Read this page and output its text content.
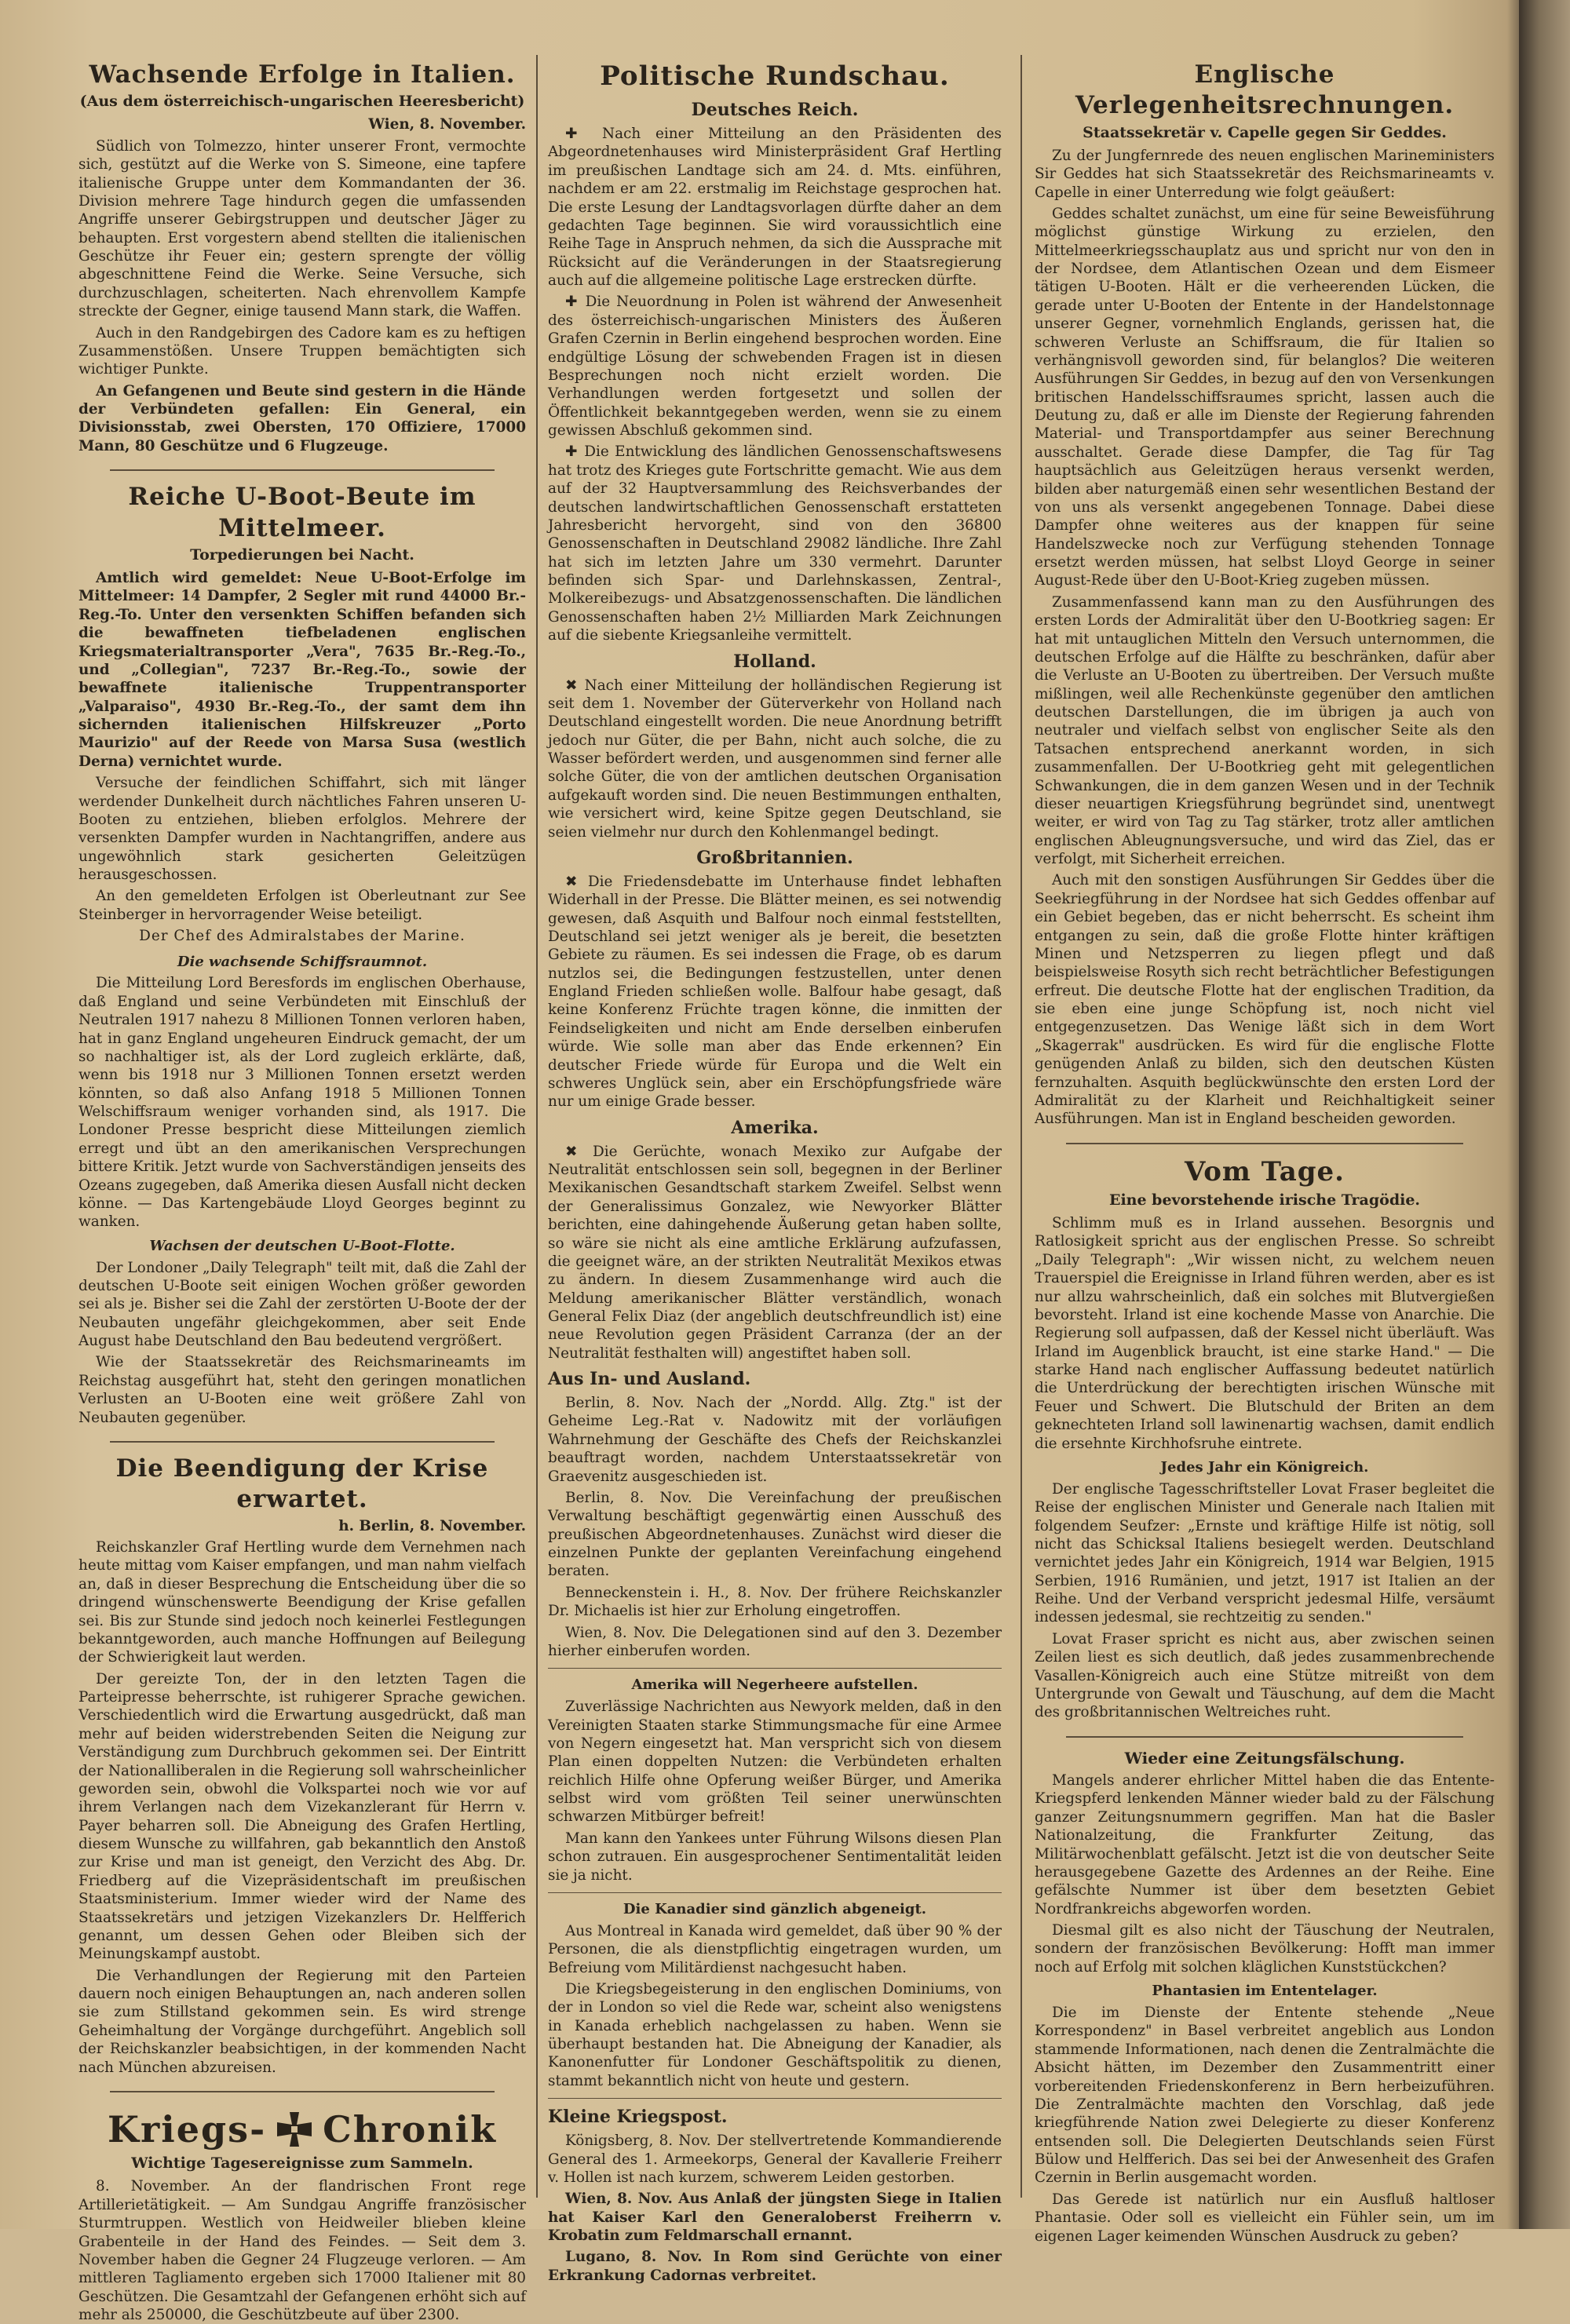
Wachsende Erfolge in Italien.
(Aus dem österreichisch-ungarischen Heeresbericht)

Wien, 8. November.

Südlich von Tolmezzo, hinter unserer Front, vermochte sich, gestützt auf die Werke von S. Simeone, eine tapfere italienische Gruppe unter dem Kommandanten der 36. Division mehrere Tage hindurch gegen die umfassenden Angriffe unserer Gebirgstruppen und deutscher Jäger zu behaupten. Erst vorgestern abend stellten die italienischen Geschütze ihr Feuer ein; gestern sprengte der völlig abgeschnittene Feind die Werke. Seine Versuche, sich durchzuschlagen, scheiterten. Nach ehrenvollem Kampfe streckte der Gegner, einige tausend Mann stark, die Waffen.

Auch in den Randgebirgen des Cadore kam es zu heftigen Zusammenstößen. Unsere Truppen bemächtigten sich wichtiger Punkte.

An Gefangenen und Beute sind gestern in die Hände der Verbündeten gefallen: Ein General, ein Divisionsstab, zwei Obersten, 170 Offiziere, 17000 Mann, 80 Geschütze und 6 Flugzeuge.

Reiche U-Boot-Beute im Mittelmeer.
Torpedierungen bei Nacht.

Amtlich wird gemeldet: Neue U-Boot-Erfolge im Mittelmeer: 14 Dampfer, 2 Segler mit rund 44000 Br.-Reg.-To. Unter den versenkten Schiffen befanden sich die bewaffneten tiefbeladenen englischen Kriegsmaterialtransporter „Vera", 7635 Br.-Reg.-To., und „Collegian", 7237 Br.-Reg.-To., sowie der bewaffnete italienische Truppentransporter „Valparaiso", 4930 Br.-Reg.-To., der samt dem ihn sichernden italienischen Hilfskreuzer „Porto Maurizio" auf der Reede von Marsa Susa (westlich Derna) vernichtet wurde.

Versuche der feindlichen Schiffahrt, sich mit länger werdender Dunkelheit durch nächtliches Fahren unseren U-Booten zu entziehen, blieben erfolglos. Mehrere der versenkten Dampfer wurden in Nachtangriffen, andere aus ungewöhnlich stark gesicherten Geleitzügen herausgeschossen.

An den gemeldeten Erfolgen ist Oberleutnant zur See Steinberger in hervorragender Weise beteiligt.

Der Chef des Admiralstabes der Marine.

Die wachsende Schiffsraumnot.

Die Mitteilung Lord Beresfords im englischen Oberhause, daß England und seine Verbündeten mit Einschluß der Neutralen 1917 nahezu 8 Millionen Tonnen verloren haben, hat in ganz England ungeheuren Eindruck gemacht, der um so nachhaltiger ist, als der Lord zugleich erklärte, daß, wenn bis 1918 nur 3 Millionen Tonnen ersetzt werden könnten, so daß also Anfang 1918 5 Millionen Tonnen Welschiffsraum weniger vorhanden sind, als 1917. Die Londoner Presse bespricht diese Mitteilungen ziemlich erregt und übt an den amerikanischen Versprechungen bittere Kritik. Jetzt wurde von Sachverständigen jenseits des Ozeans zugegeben, daß Amerika diesen Ausfall nicht decken könne. — Das Kartengebäude Lloyd Georges beginnt zu wanken.

Wachsen der deutschen U-Boot-Flotte.

Der Londoner „Daily Telegraph" teilt mit, daß die Zahl der deutschen U-Boote seit einigen Wochen größer geworden sei als je. Bisher sei die Zahl der zerstörten U-Boote der der Neubauten ungefähr gleichgekommen, aber seit Ende August habe Deutschland den Bau bedeutend vergrößert.

Wie der Staatssekretär des Reichsmarineamts im Reichstag ausgeführt hat, steht den geringen monatlichen Verlusten an U-Booten eine weit größere Zahl von Neubauten gegenüber.

Die Beendigung der Krise erwartet.

h. Berlin, 8. November.

Reichskanzler Graf Hertling wurde dem Vernehmen nach heute mittag vom Kaiser empfangen, und man nahm vielfach an, daß in dieser Besprechung die Entscheidung über die so dringend wünschenswerte Beendigung der Krise gefallen sei. Bis zur Stunde sind jedoch noch keinerlei Festlegungen bekanntgeworden, auch manche Hoffnungen auf Beilegung der Schwierigkeit laut werden.

Der gereizte Ton, der in den letzten Tagen die Parteipresse beherrschte, ist ruhigerer Sprache gewichen. Verschiedentlich wird die Erwartung ausgedrückt, daß man mehr auf beiden widerstrebenden Seiten die Neigung zur Verständigung zum Durchbruch gekommen sei. Der Eintritt der Nationalliberalen in die Regierung soll wahrscheinlicher geworden sein, obwohl die Volkspartei noch wie vor auf ihrem Verlangen nach dem Vizekanzlerant für Herrn v. Payer beharren soll. Die Abneigung des Grafen Hertling, diesem Wunsche zu willfahren, gab bekanntlich den Anstoß zur Krise und man ist geneigt, den Verzicht des Abg. Dr. Friedberg auf die Vizepräsidentschaft im preußischen Staatsministerium. Immer wieder wird der Name des Staatssekretärs und jetzigen Vizekanzlers Dr. Helfferich genannt, um dessen Gehen oder Bleiben sich der Meinungskampf austobt.

Die Verhandlungen der Regierung mit den Parteien dauern noch einigen Behauptungen an, nach anderen sollen sie zum Stillstand gekommen sein. Es wird strenge Geheimhaltung der Vorgänge durchgeführt. Angeblich soll der Reichskanzler beabsichtigen, in der kommenden Nacht nach München abzureisen.

Kriegs- Chronik
Wichtige Tagesereignisse zum Sammeln.

8. November. An der flandrischen Front rege Artillerietätigkeit. — Am Sundgau Angriffe französischer Sturmtruppen. Westlich von Heidweiler blieben kleine Grabenteile in der Hand des Feindes. — Seit dem 3. November haben die Gegner 24 Flugzeuge verloren. — Am mittleren Tagliamento ergeben sich 17000 Italiener mit 80 Geschützen. Die Gesamtzahl der Gefangenen erhöht sich auf mehr als 250000, die Geschützbeute auf über 2300.

Politische Rundschau.
Deutsches Reich.

✚ Nach einer Mitteilung an den Präsidenten des Abgeordnetenhauses wird Ministerpräsident Graf Hertling im preußischen Landtage sich am 24. d. Mts. einführen, nachdem er am 22. erstmalig im Reichstage gesprochen hat. Die erste Lesung der Landtagsvorlagen dürfte daher an dem gedachten Tage beginnen. Sie wird voraussichtlich eine Reihe Tage in Anspruch nehmen, da sich die Aussprache mit Rücksicht auf die Veränderungen in der Staatsregierung auch auf die allgemeine politische Lage erstrecken dürfte.

✚ Die Neuordnung in Polen ist während der Anwesenheit des österreichisch-ungarischen Ministers des Äußeren Grafen Czernin in Berlin eingehend besprochen worden. Eine endgültige Lösung der schwebenden Fragen ist in diesen Besprechungen noch nicht erzielt worden. Die Verhandlungen werden fortgesetzt und sollen der Öffentlichkeit bekanntgegeben werden, wenn sie zu einem gewissen Abschluß gekommen sind.

✚ Die Entwicklung des ländlichen Genossenschaftswesens hat trotz des Krieges gute Fortschritte gemacht. Wie aus dem auf der 32 Hauptversammlung des Reichsverbandes der deutschen landwirtschaftlichen Genossenschaft erstatteten Jahresbericht hervorgeht, sind von den 36800 Genossenschaften in Deutschland 29082 ländliche. Ihre Zahl hat sich im letzten Jahre um 330 vermehrt. Darunter befinden sich Spar- und Darlehnskassen, Zentral-, Molkereibezugs- und Absatzgenossenschaften. Die ländlichen Genossenschaften haben 2½ Milliarden Mark Zeichnungen auf die siebente Kriegsanleihe vermittelt.

Holland.

✖ Nach einer Mitteilung der holländischen Regierung ist seit dem 1. November der Güterverkehr von Holland nach Deutschland eingestellt worden. Die neue Anordnung betrifft jedoch nur Güter, die per Bahn, nicht auch solche, die zu Wasser befördert werden, und ausgenommen sind ferner alle solche Güter, die von der amtlichen deutschen Organisation aufgekauft worden sind. Die neuen Bestimmungen enthalten, wie versichert wird, keine Spitze gegen Deutschland, sie seien vielmehr nur durch den Kohlenmangel bedingt.

Großbritannien.

✖ Die Friedensdebatte im Unterhause findet lebhaften Widerhall in der Presse. Die Blätter meinen, es sei notwendig gewesen, daß Asquith und Balfour noch einmal feststellten, Deutschland sei jetzt weniger als je bereit, die besetzten Gebiete zu räumen. Es sei indessen die Frage, ob es darum nutzlos sei, die Bedingungen festzustellen, unter denen England Frieden schließen wolle. Balfour habe gesagt, daß keine Konferenz Früchte tragen könne, die inmitten der Feindseligkeiten und nicht am Ende derselben einberufen würde. Wie solle man aber das Ende erkennen? Ein deutscher Friede würde für Europa und die Welt ein schweres Unglück sein, aber ein Erschöpfungsfriede wäre nur um einige Grade besser.

Amerika.

✖ Die Gerüchte, wonach Mexiko zur Aufgabe der Neutralität entschlossen sein soll, begegnen in der Berliner Mexikanischen Gesandtschaft starkem Zweifel. Selbst wenn der Generalissimus Gonzalez, wie Newyorker Blätter berichten, eine dahingehende Äußerung getan haben sollte, so wäre sie nicht als eine amtliche Erklärung aufzufassen, die geeignet wäre, an der strikten Neutralität Mexikos etwas zu ändern. In diesem Zusammenhange wird auch die Meldung amerikanischer Blätter verständlich, wonach General Felix Diaz (der angeblich deutschfreundlich ist) eine neue Revolution gegen Präsident Carranza (der an der Neutralität festhalten will) angestiftet haben soll.

Aus In- und Ausland.

Berlin, 8. Nov. Nach der „Nordd. Allg. Ztg." ist der Geheime Leg.-Rat v. Nadowitz mit der vorläufigen Wahrnehmung der Geschäfte des Chefs der Reichskanzlei beauftragt worden, nachdem Unterstaatssekretär von Graevenitz ausgeschieden ist.

Berlin, 8. Nov. Die Vereinfachung der preußischen Verwaltung beschäftigt gegenwärtig einen Ausschuß des preußischen Abgeordnetenhauses. Zunächst wird dieser die einzelnen Punkte der geplanten Vereinfachung eingehend beraten.

Benneckenstein i. H., 8. Nov. Der frühere Reichskanzler Dr. Michaelis ist hier zur Erholung eingetroffen.

Wien, 8. Nov. Die Delegationen sind auf den 3. Dezember hierher einberufen worden.

Amerika will Negerheere aufstellen.

Zuverlässige Nachrichten aus Newyork melden, daß in den Vereinigten Staaten starke Stimmungsmache für eine Armee von Negern eingesetzt hat. Man verspricht sich von diesem Plan einen doppelten Nutzen: die Verbündeten erhalten reichlich Hilfe ohne Opferung weißer Bürger, und Amerika selbst wird vom größten Teil seiner unerwünschten schwarzen Mitbürger befreit!

Man kann den Yankees unter Führung Wilsons diesen Plan schon zutrauen. Ein ausgesprochener Sentimentalität leiden sie ja nicht.

Die Kanadier sind gänzlich abgeneigt.

Aus Montreal in Kanada wird gemeldet, daß über 90 % der Personen, die als dienstpflichtig eingetragen wurden, um Befreiung vom Militärdienst nachgesucht haben.

Die Kriegsbegeisterung in den englischen Dominiums, von der in London so viel die Rede war, scheint also wenigstens in Kanada erheblich nachgelassen zu haben. Wenn sie überhaupt bestanden hat. Die Abneigung der Kanadier, als Kanonenfutter für Londoner Geschäftspolitik zu dienen, stammt bekanntlich nicht von heute und gestern.

Kleine Kriegspost.

Königsberg, 8. Nov. Der stellvertretende Kommandierende General des 1. Armeekorps, General der Kavallerie Freiherr v. Hollen ist nach kurzem, schwerem Leiden gestorben.

Wien, 8. Nov. Aus Anlaß der jüngsten Siege in Italien hat Kaiser Karl den Generaloberst Freiherrn v. Krobatin zum Feldmarschall ernannt.

Lugano, 8. Nov. In Rom sind Gerüchte von einer Erkrankung Cadornas verbreitet.

Englische Verlegenheitsrechnungen.
Staatssekretär v. Capelle gegen Sir Geddes.

Zu der Jungfernrede des neuen englischen Marineministers Sir Geddes hat sich Staatssekretär des Reichsmarineamts v. Capelle in einer Unterredung wie folgt geäußert:

Geddes schaltet zunächst, um eine für seine Beweisführung möglichst günstige Wirkung zu erzielen, den Mittelmeerkriegsschauplatz aus und spricht nur von den in der Nordsee, dem Atlantischen Ozean und dem Eismeer tätigen U-Booten. Hält er die verheerenden Lücken, die gerade unter U-Booten der Entente in der Handelstonnage unserer Gegner, vornehmlich Englands, gerissen hat, die schweren Verluste an Schiffsraum, die für Italien so verhängnisvoll geworden sind, für belanglos? Die weiteren Ausführungen Sir Geddes, in bezug auf den von Versenkungen britischen Handelsschiffsraumes spricht, lassen auch die Deutung zu, daß er alle im Dienste der Regierung fahrenden Material- und Transportdampfer aus seiner Berechnung ausschaltet. Gerade diese Dampfer, die Tag für Tag hauptsächlich aus Geleitzügen heraus versenkt werden, bilden aber naturgemäß einen sehr wesentlichen Bestand der von uns als versenkt angegebenen Tonnage. Dabei diese Dampfer ohne weiteres aus der knappen für seine Handelszwecke noch zur Verfügung stehenden Tonnage ersetzt werden müssen, hat selbst Lloyd George in seiner August-Rede über den U-Boot-Krieg zugeben müssen.

Zusammenfassend kann man zu den Ausführungen des ersten Lords der Admiralität über den U-Bootkrieg sagen: Er hat mit untauglichen Mitteln den Versuch unternommen, die deutschen Erfolge auf die Hälfte zu beschränken, dafür aber die Verluste an U-Booten zu übertreiben. Der Versuch mußte mißlingen, weil alle Rechenkünste gegenüber den amtlichen deutschen Darstellungen, die im übrigen ja auch von neutraler und vielfach selbst von englischer Seite als den Tatsachen entsprechend anerkannt worden, in sich zusammenfallen. Der U-Bootkrieg geht mit gelegentlichen Schwankungen, die in dem ganzen Wesen und in der Technik dieser neuartigen Kriegsführung begründet sind, unentwegt weiter, er wird von Tag zu Tag stärker, trotz aller amtlichen englischen Ableugnungsversuche, und wird das Ziel, das er verfolgt, mit Sicherheit erreichen.

Auch mit den sonstigen Ausführungen Sir Geddes über die Seekriegführung in der Nordsee hat sich Geddes offenbar auf ein Gebiet begeben, das er nicht beherrscht. Es scheint ihm entgangen zu sein, daß die große Flotte hinter kräftigen Minen und Netzsperren zu liegen pflegt und daß beispielsweise Rosyth sich recht beträchtlicher Befestigungen erfreut. Die deutsche Flotte hat der englischen Tradition, da sie eben eine junge Schöpfung ist, noch nicht viel entgegenzusetzen. Das Wenige läßt sich in dem Wort „Skagerrak" ausdrücken. Es wird für die englische Flotte genügenden Anlaß zu bilden, sich den deutschen Küsten fernzuhalten. Asquith beglückwünschte den ersten Lord der Admiralität zu der Klarheit und Reichhaltigkeit seiner Ausführungen. Man ist in England bescheiden geworden.

Vom Tage.
Eine bevorstehende irische Tragödie.

Schlimm muß es in Irland aussehen. Besorgnis und Ratlosigkeit spricht aus der englischen Presse. So schreibt „Daily Telegraph": „Wir wissen nicht, zu welchem neuen Trauerspiel die Ereignisse in Irland führen werden, aber es ist nur allzu wahrscheinlich, daß ein solches mit Blutvergießen bevorsteht. Irland ist eine kochende Masse von Anarchie. Die Regierung soll aufpassen, daß der Kessel nicht überläuft. Was Irland im Augenblick braucht, ist eine starke Hand." — Die starke Hand nach englischer Auffassung bedeutet natürlich die Unterdrückung der berechtigten irischen Wünsche mit Feuer und Schwert. Die Blutschuld der Briten an dem geknechteten Irland soll lawinenartig wachsen, damit endlich die ersehnte Kirchhofsruhe eintrete.

Jedes Jahr ein Königreich.

Der englische Tagesschriftsteller Lovat Fraser begleitet die Reise der englischen Minister und Generale nach Italien mit folgendem Seufzer: „Ernste und kräftige Hilfe ist nötig, soll nicht das Schicksal Italiens besiegelt werden. Deutschland vernichtet jedes Jahr ein Königreich, 1914 war Belgien, 1915 Serbien, 1916 Rumänien, und jetzt, 1917 ist Italien an der Reihe. Und der Verband verspricht jedesmal Hilfe, versäumt indessen jedesmal, sie rechtzeitig zu senden."

Lovat Fraser spricht es nicht aus, aber zwischen seinen Zeilen liest es sich deutlich, daß jedes zusammenbrechende Vasallen-Königreich auch eine Stütze mitreißt von dem Untergrunde von Gewalt und Täuschung, auf dem die Macht des großbritannischen Weltreiches ruht.

Wieder eine Zeitungsfälschung.

Mangels anderer ehrlicher Mittel haben die das Entente-Kriegspferd lenkenden Männer wieder bald zu der Fälschung ganzer Zeitungsnummern gegriffen. Man hat die Basler Nationalzeitung, die Frankfurter Zeitung, das Militärwochenblatt gefälscht. Jetzt ist die von deutscher Seite herausgegebene Gazette des Ardennes an der Reihe. Eine gefälschte Nummer ist über dem besetzten Gebiet Nordfrankreichs abgeworfen worden.

Diesmal gilt es also nicht der Täuschung der Neutralen, sondern der französischen Bevölkerung: Hofft man immer noch auf Erfolg mit solchen kläglichen Kunststückchen?

Phantasien im Ententelager.

Die im Dienste der Entente stehende „Neue Korrespondenz" in Basel verbreitet angeblich aus London stammende Informationen, nach denen die Zentralmächte die Absicht hätten, im Dezember den Zusammentritt einer vorbereitenden Friedenskonferenz in Bern herbeizuführen. Die Zentralmächte machten den Vorschlag, daß jede kriegführende Nation zwei Delegierte zu dieser Konferenz entsenden soll. Die Delegierten Deutschlands seien Fürst Bülow und Helfferich. Das sei bei der Anwesenheit des Grafen Czernin in Berlin ausgemacht worden.

Das Gerede ist natürlich nur ein Ausfluß haltloser Phantasie. Oder soll es vielleicht ein Fühler sein, um im eigenen Lager keimenden Wünschen Ausdruck zu geben?
